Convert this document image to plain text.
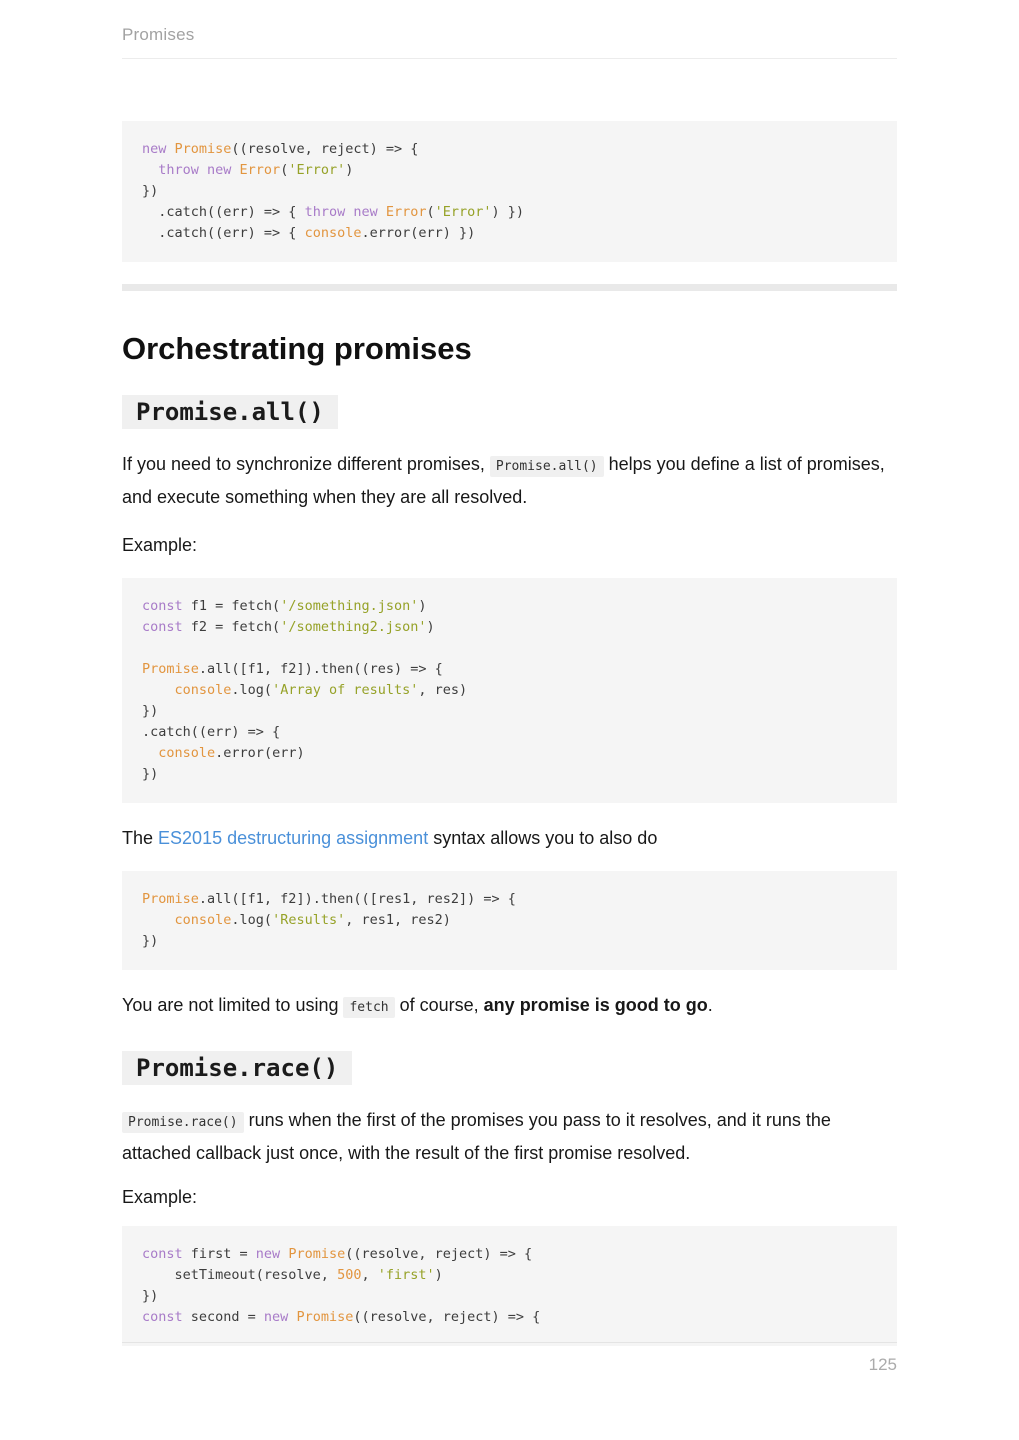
Promises
new Promise((resolve, reject) => {
throw new Error('Error')
})
.catch((err) => { throw new Error('Error') })
.catch((err) => { console.error(err) })
Orchestrating promises
Promise.all()

If you need to synchronize different promises, Promise.all() helps you define a list of promises, and execute something when they are all resolved.

Example:

const f1 = fetch('/something.json')
const f2 = fetch('/something2.json')

Promise.all([f1, f2]).then((res) => {
console.log('Array of results', res)
})
.catch((err) => {
console.error(err)
})

The ES2015 destructuring assignment syntax allows you to also do

Promise.all([f1, f2]).then(([res1, res2]) => {
console.log('Results', res1, res2)
})

You are not limited to using fetch of course, any promise is good to go.

Promise.race()

Promise.race() runs when the first of the promises you pass to it resolves, and it runs the attached callback just once, with the result of the first promise resolved.

Example:

const first = new Promise((resolve, reject) => {
setTimeout(resolve, 500, 'first')
})
const second = new Promise((resolve, reject) => {
125
